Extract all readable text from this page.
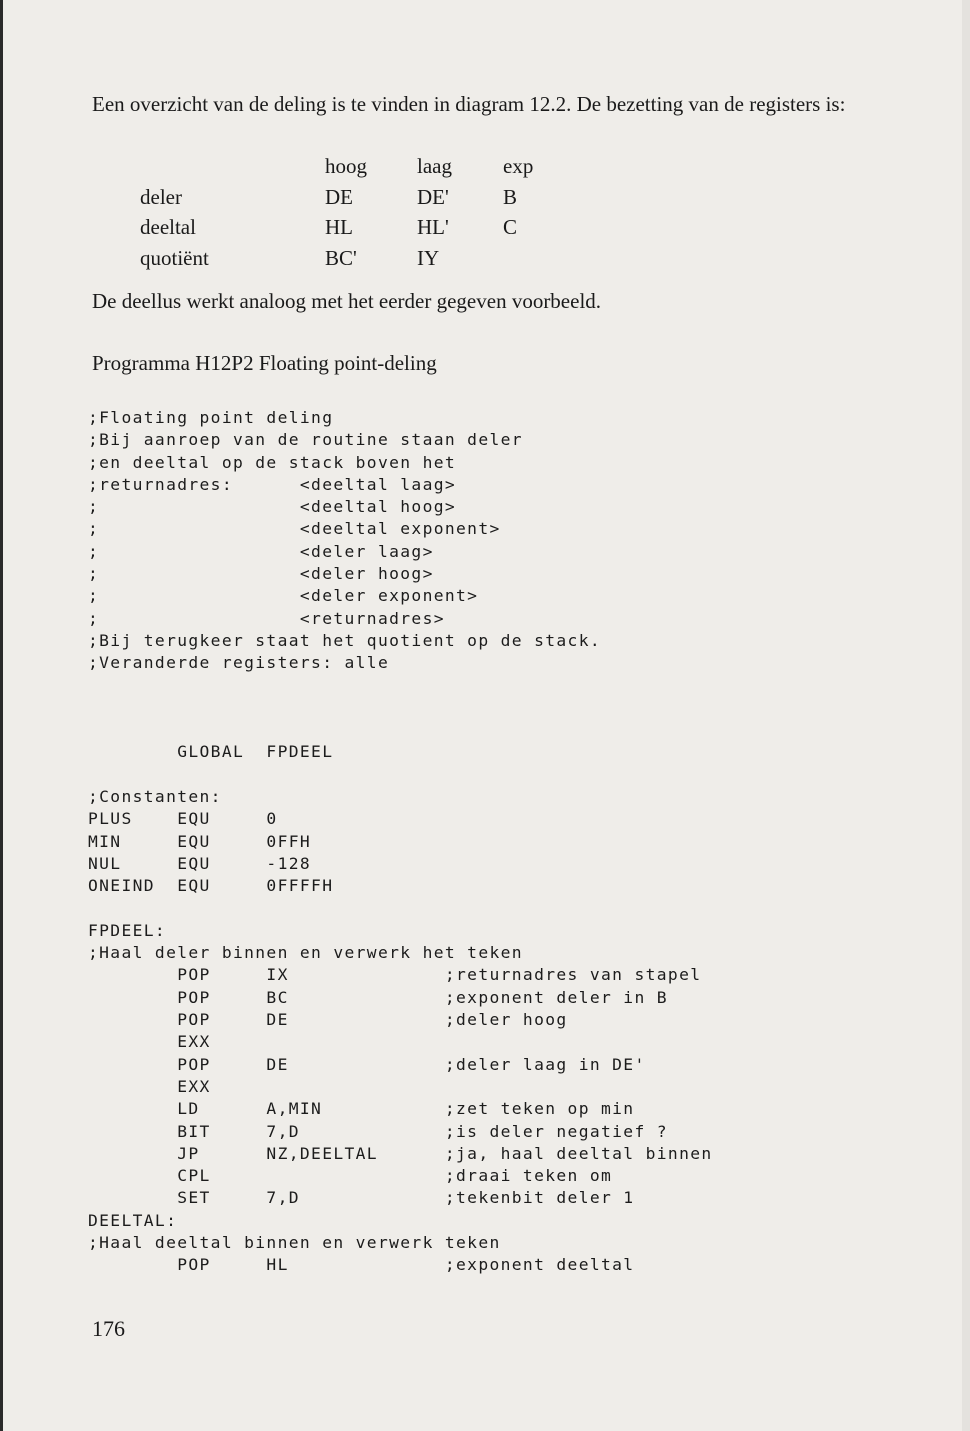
Een overzicht van de deling is te vinden in diagram 12.2. De bezetting van de registers is:

	hoog	laag	exp
deler	DE	DE'	B
deeltal	HL	HL'	C
quotiënt	BC'	IY	

De deellus werkt analoog met het eerder gegeven voorbeeld.

Programma H12P2 Floating point-deling

;Floating point deling
;Bij aanroep van de routine staan deler
;en deeltal op de stack boven het
;returnadres:      <deeltal laag>
;                  <deeltal hoog>
;                  <deeltal exponent>
;                  <deler laag>
;                  <deler hoog>
;                  <deler exponent>
;                  <returnadres>
;Bij terugkeer staat het quotient op de stack.
;Veranderde registers: alle

GLOBAL  FPDEEL

;Constanten:
PLUS    EQU     0
MIN     EQU     0FFH
NUL     EQU     -128
ONEIND  EQU     0FFFFH

FPDEEL:
;Haal deler binnen en verwerk het teken
POP     IX              ;returnadres van stapel
POP     BC              ;exponent deler in B
POP     DE              ;deler hoog
EXX
POP     DE              ;deler laag in DE'
EXX
LD      A,MIN           ;zet teken op min
BIT     7,D             ;is deler negatief ?
JP      NZ,DEELTAL      ;ja, haal deeltal binnen
CPL                     ;draai teken om
SET     7,D             ;tekenbit deler 1
DEELTAL:
;Haal deeltal binnen en verwerk teken
POP     HL              ;exponent deeltal
176
